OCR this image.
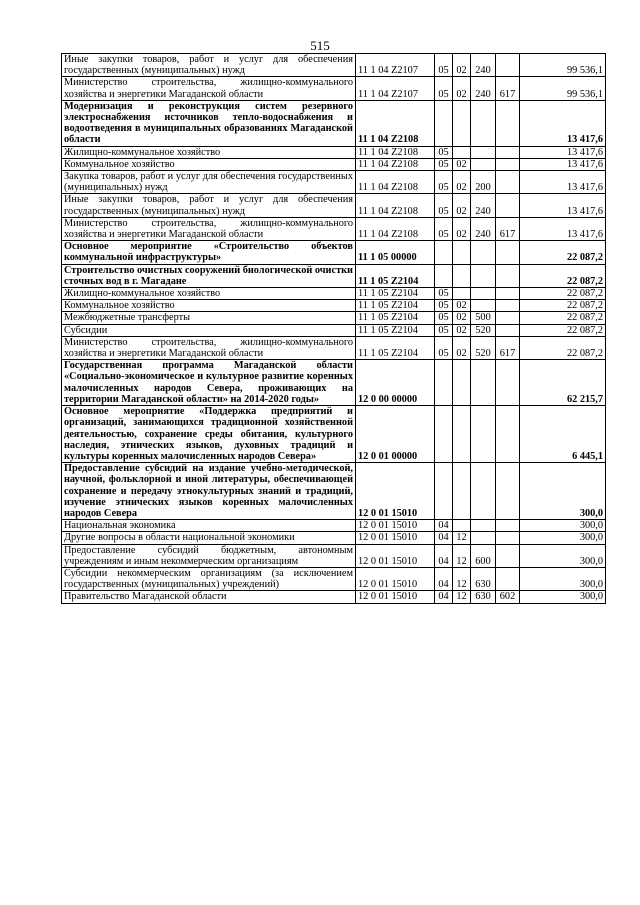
515
Иные закупки товаров, работ и услуг для обеспечения государственных (муниципальных) нужд	11 1 04 Z2107	05	02	240		99 536,1
Министерство строительства, жилищно-коммунального хозяйства и энергетики Магаданской области	11 1 04 Z2107	05	02	240	617	99 536,1
Модернизация и реконструкция систем резервного электроснабжения источников тепло-водоснабжения и водоотведения в муниципальных образованиях Магаданской области	11 1 04 Z2108					13 417,6
Жилищно-коммунальное хозяйство	11 1 04 Z2108	05				13 417,6
Коммунальное хозяйство	11 1 04 Z2108	05	02			13 417,6
Закупка товаров, работ и услуг для обеспечения государственных (муниципальных) нужд	11 1 04 Z2108	05	02	200		13 417,6
Иные закупки товаров, работ и услуг для обеспечения государственных (муниципальных) нужд	11 1 04 Z2108	05	02	240		13 417,6
Министерство строительства, жилищно-коммунального хозяйства и энергетики Магаданской области	11 1 04 Z2108	05	02	240	617	13 417,6
Основное мероприятие «Строительство объектов коммунальной инфраструктуры»	11 1 05 00000					22 087,2
Строительство очистных сооружений биологической очистки сточных вод в г. Магадане	11 1 05 Z2104					22 087,2
Жилищно-коммунальное хозяйство	11 1 05 Z2104	05				22 087,2
Коммунальное хозяйство	11 1 05 Z2104	05	02			22 087,2
Межбюджетные трансферты	11 1 05 Z2104	05	02	500		22 087,2
Субсидии	11 1 05 Z2104	05	02	520		22 087,2
Министерство строительства, жилищно-коммунального хозяйства и энергетики Магаданской области	11 1 05 Z2104	05	02	520	617	22 087,2
Государственная программа Магаданской области «Социально-экономическое и культурное развитие коренных малочисленных народов Севера, проживающих на территории Магаданской области» на 2014-2020 годы»	12 0 00 00000					62 215,7
Основное мероприятие «Поддержка предприятий и организаций, занимающихся традиционной хозяйственной деятельностью, сохранение среды обитания, культурного наследия, этнических языков, духовных традиций и культуры коренных малочисленных народов Севера»	12 0 01 00000					6 445,1
Предоставление субсидий на издание учебно-методической, научной, фольклорной и иной литературы, обеспечивающей сохранение и передачу этнокультурных знаний и традиций, изучение этнических языков коренных малочисленных народов Севера	12 0 01 15010					300,0
Национальная экономика	12 0 01 15010	04				300,0
Другие вопросы в области национальной экономики	12 0 01 15010	04	12			300,0
Предоставление субсидий бюджетным, автономным учреждениям и иным некоммерческим организациям	12 0 01 15010	04	12	600		300,0
Субсидии некоммерческим организациям (за исключением государственных (муниципальных) учреждений)	12 0 01 15010	04	12	630		300,0
Правительство Магаданской области	12 0 01 15010	04	12	630	602	300,0
